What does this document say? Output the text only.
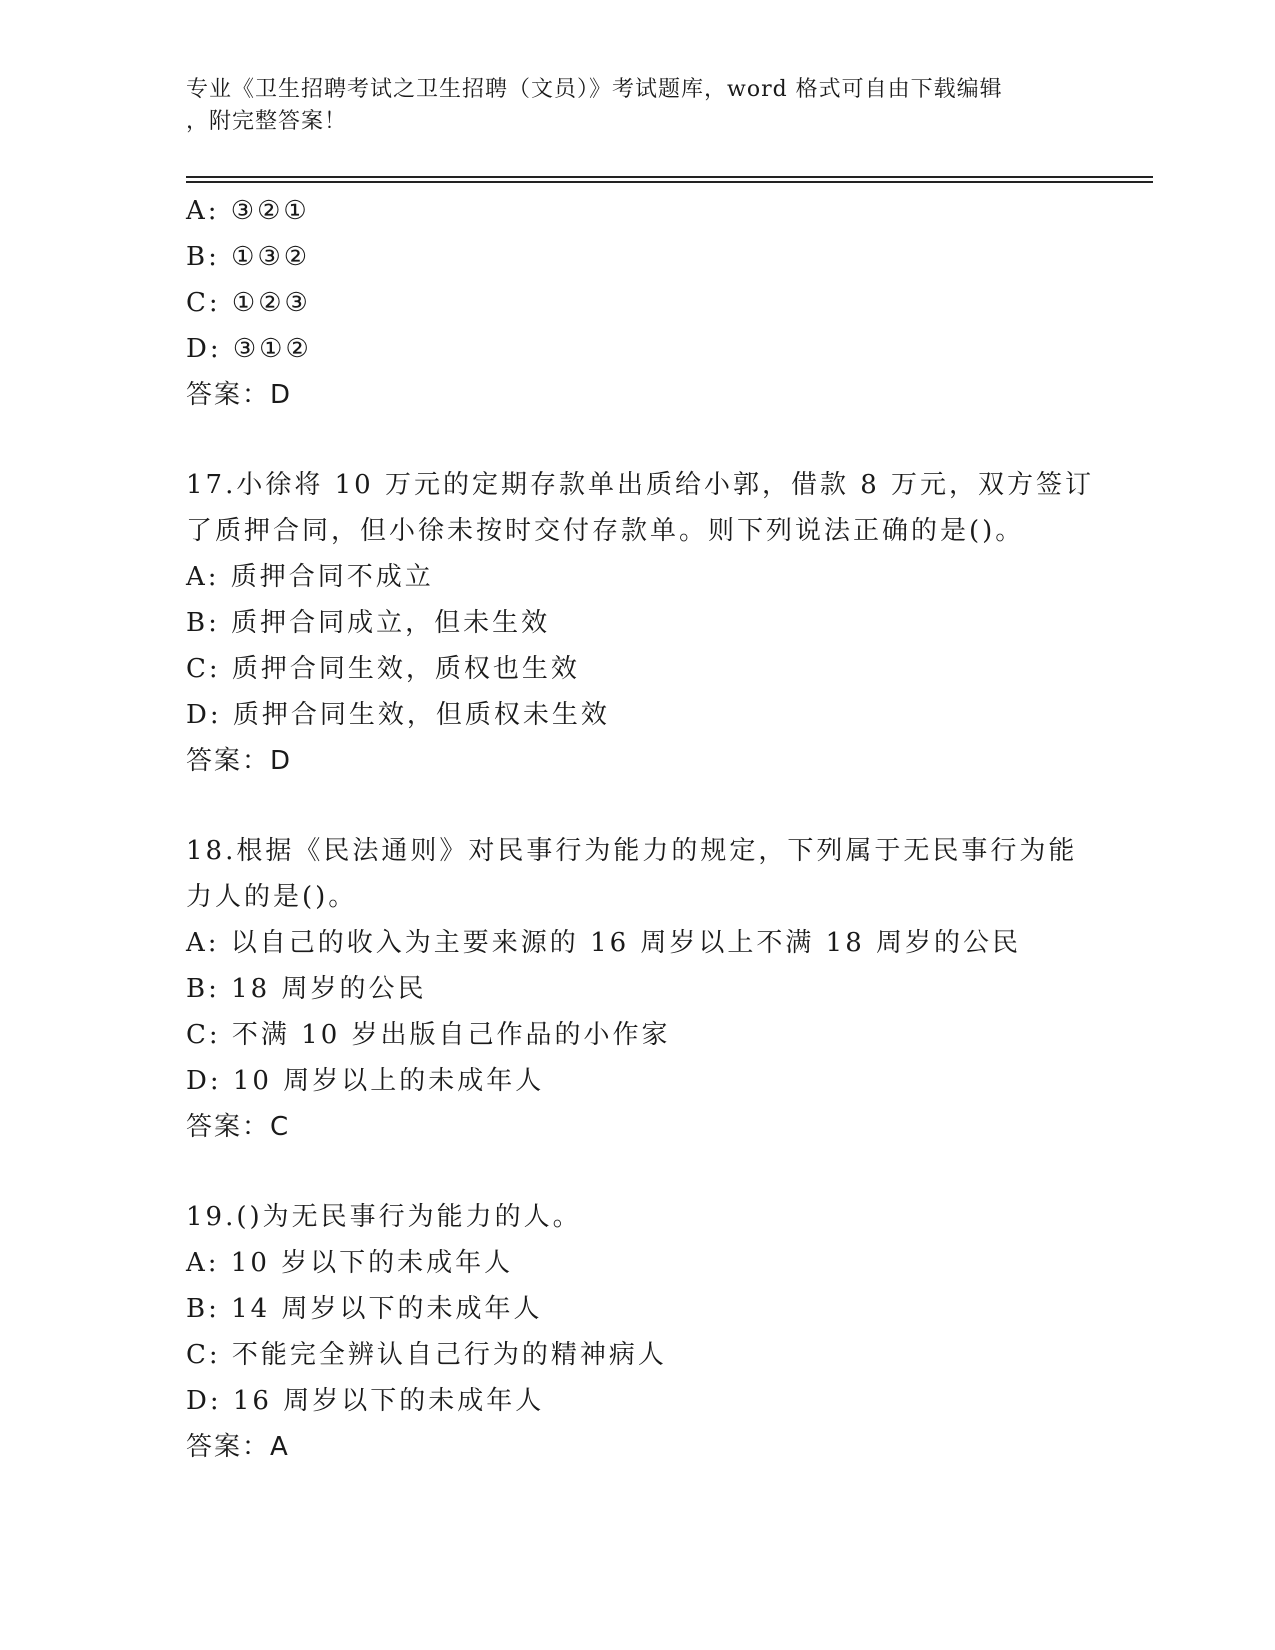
专业《卫生招聘考试之卫生招聘（文员）》考试题库，word 格式可自由下载编辑
，附完整答案！
A: ③②①
B: ①③②
C: ①②③
D: ③①②
答案：D
17.小徐将 10 万元的定期存款单出质给小郭，借款 8 万元，双方签订
了质押合同，但小徐未按时交付存款单。则下列说法正确的是()。
A: 质押合同不成立
B: 质押合同成立，但未生效
C: 质押合同生效，质权也生效
D: 质押合同生效，但质权未生效
答案：D
18.根据《民法通则》对民事行为能力的规定，下列属于无民事行为能
力人的是()。
A: 以自己的收入为主要来源的 16 周岁以上不满 18 周岁的公民
B: 18 周岁的公民
C: 不满 10 岁出版自己作品的小作家
D: 10 周岁以上的未成年人
答案：C
19.()为无民事行为能力的人。
A: 10 岁以下的未成年人
B: 14 周岁以下的未成年人
C: 不能完全辨认自己行为的精神病人
D: 16 周岁以下的未成年人
答案：A
